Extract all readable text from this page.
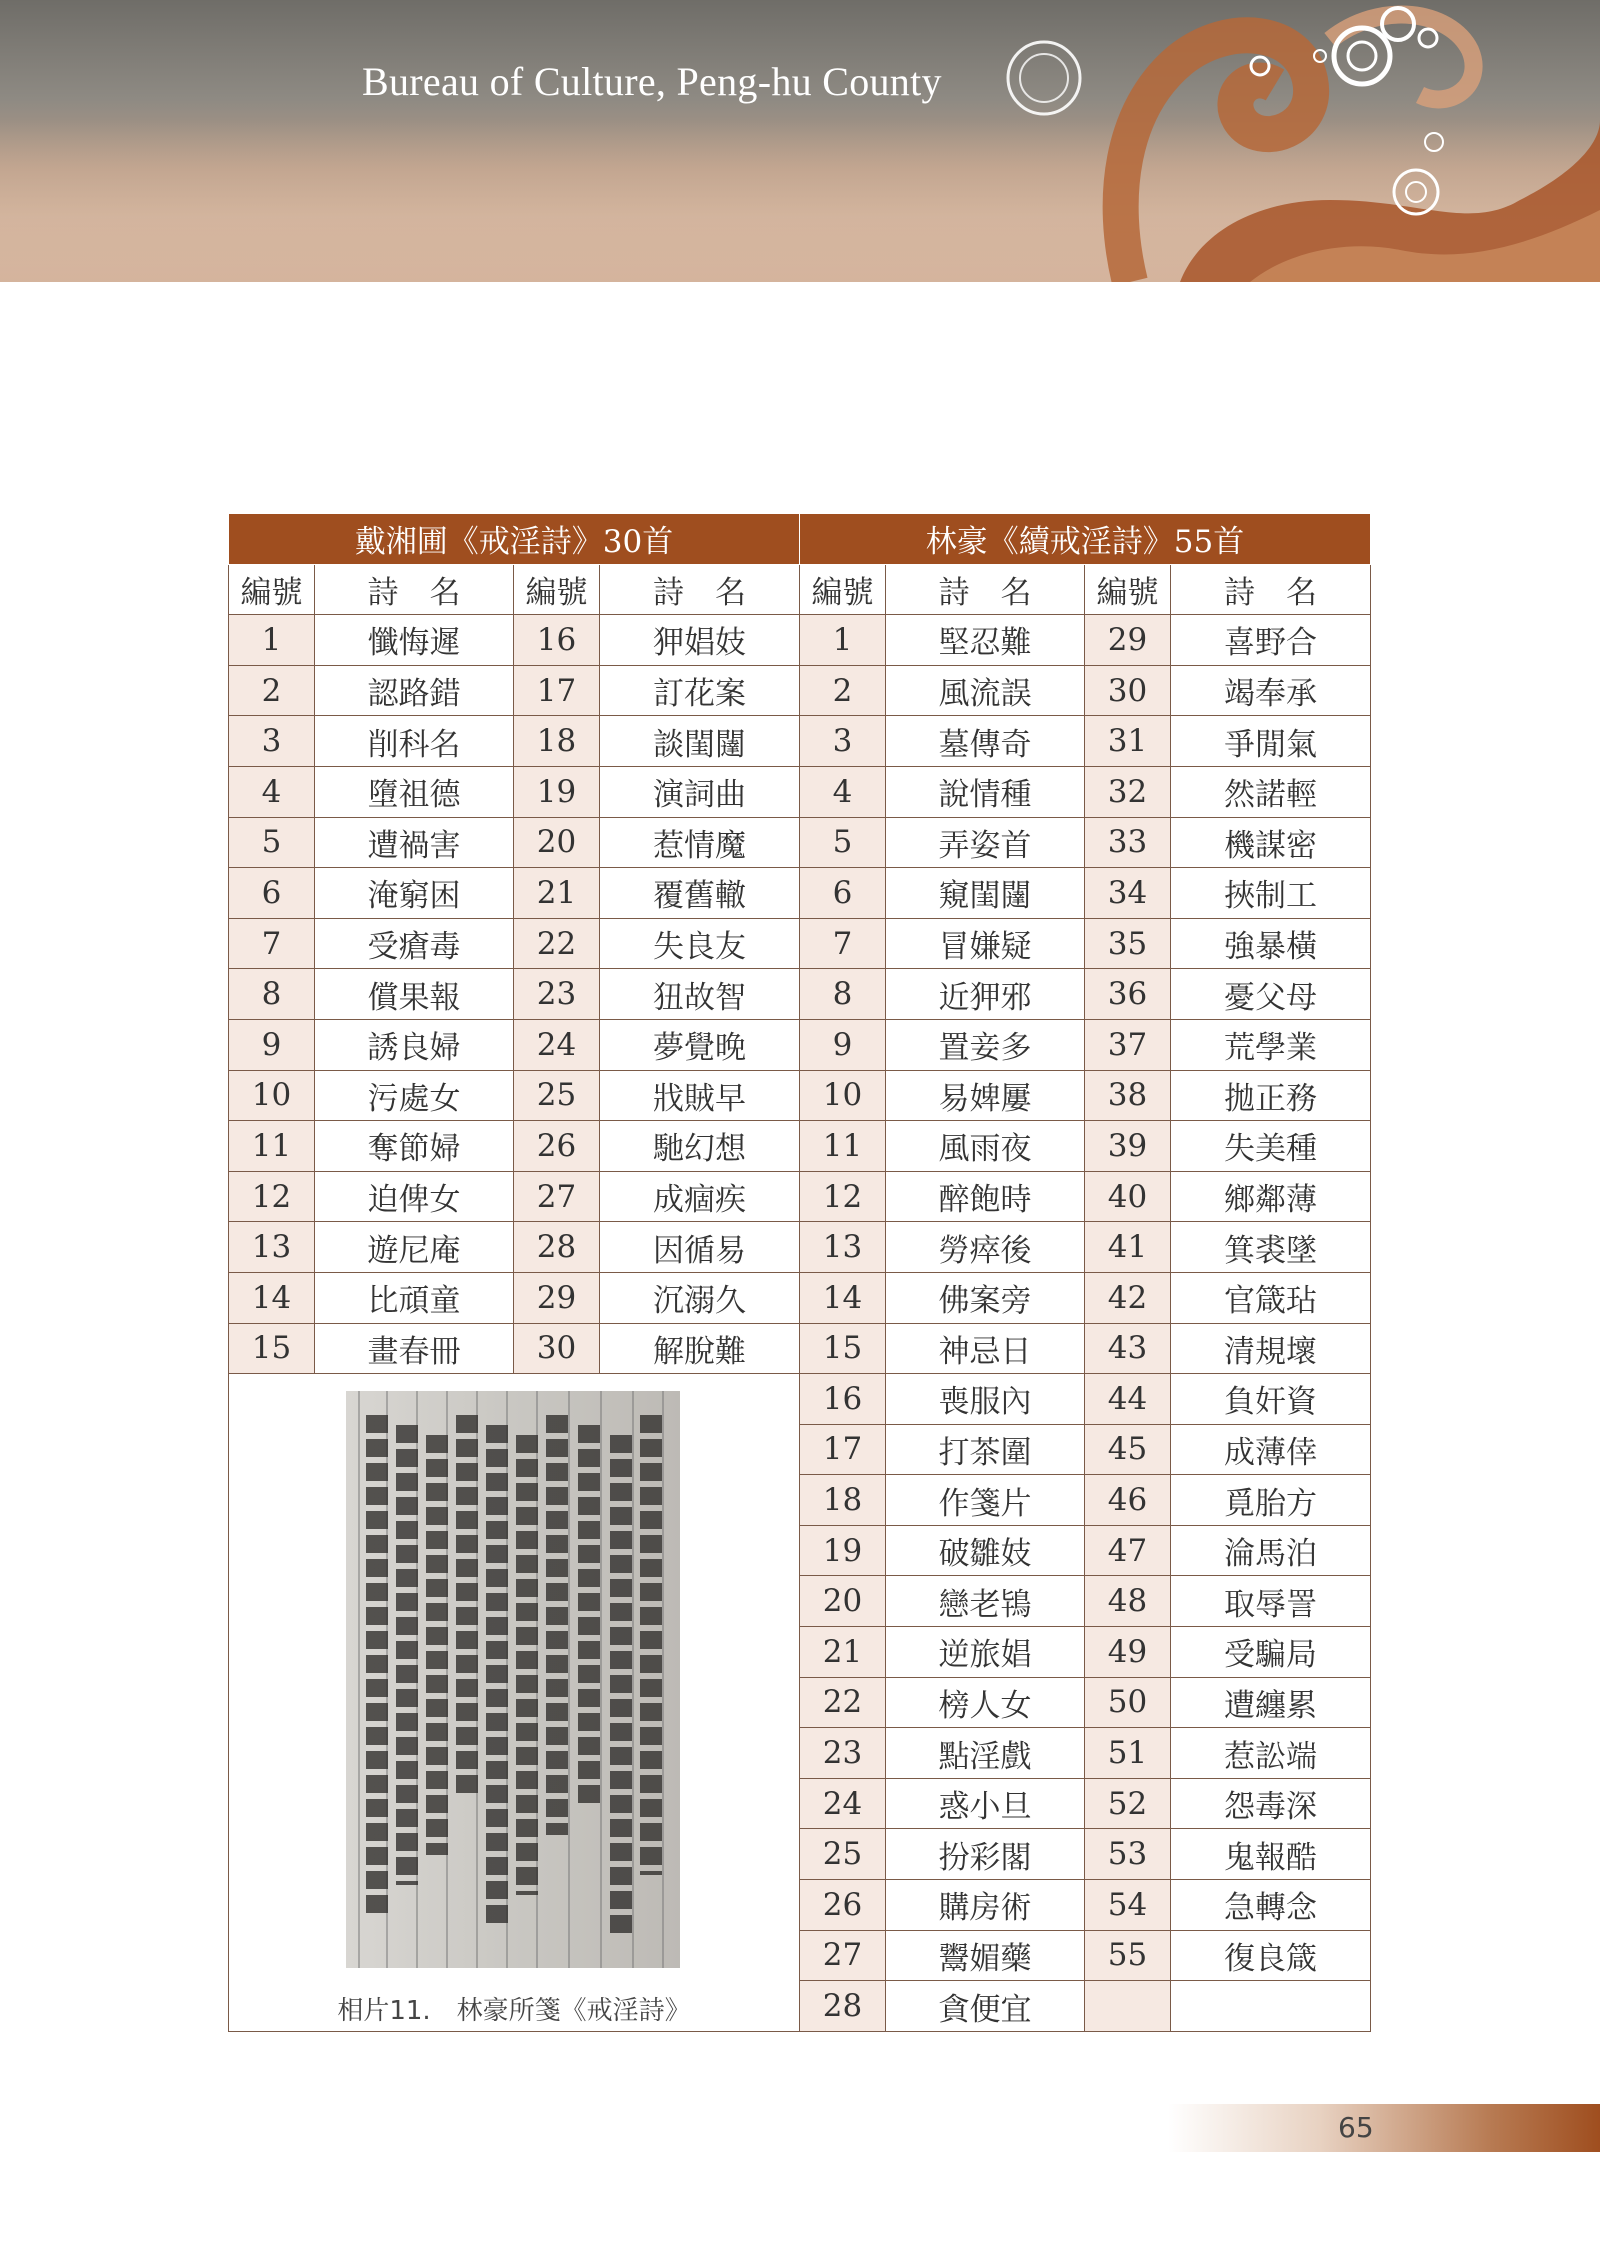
Bureau of Culture, Peng-hu County
戴湘圃《戒淫詩》30首				林豪《續戒淫詩》55首			
編號	詩　名	編號	詩　名	編號	詩　名	編號	詩　名
1	懺悔遲	16	狎娼妓	1	堅忍難	29	喜野合
2	認路錯	17	訂花案	2	風流誤	30	竭奉承
3	削科名	18	談閨闥	3	墓傳奇	31	爭閒氣
4	墮祖德	19	演詞曲	4	說情種	32	然諾輕
5	遭禍害	20	惹情魔	5	弄姿首	33	機謀密
6	淹窮困	21	覆舊轍	6	窺閨闥	34	挾制工
7	受瘡毒	22	失良友	7	冒嫌疑	35	強暴橫
8	償果報	23	狃故智	8	近狎邪	36	憂父母
9	誘良婦	24	夢覺晚	9	置妾多	37	荒學業
10	污處女	25	戕賊早	10	易婢屢	38	拋正務
11	奪節婦	26	馳幻想	11	風雨夜	39	失美種
12	迫俾女	27	成痼疾	12	醉飽時	40	鄉鄰薄
13	遊尼庵	28	因循易	13	勞瘁後	41	箕裘墜
14	比頑童	29	沉溺久	14	佛案旁	42	官箴玷
15	畫春冊	30	解脫難	15	神忌日	43	清規壞

相片11.　林豪所箋《戒淫詩》				16	喪服內	44	負奸資
				17	打茶圍	45	成薄倖
				18	作箋片	46	覓胎方
				19	破雛妓	47	淪馬泊
				20	戀老鴇	48	取辱詈
				21	逆旅娼	49	受騙局
				22	榜人女	50	遭纏累
				23	點淫戲	51	惹訟端
				24	惑小旦	52	怨毒深
				25	扮彩閣	53	鬼報酷
				26	購房術	54	急轉念
				27	鬻媚藥	55	復良箴
				28	貪便宜		
65
